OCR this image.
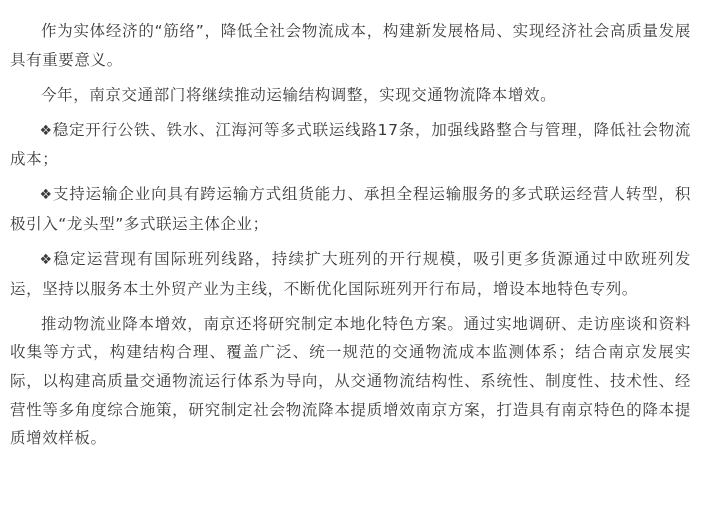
作为实体经济的“筋络”，降低全社会物流成本，构建新发展格局、实现经济社会高质量发展具有重要意义。

今年，南京交通部门将继续推动运输结构调整，实现交通物流降本增效。

❖稳定开行公铁、铁水、江海河等多式联运线路17条，加强线路整合与管理，降低社会物流成本；

❖支持运输企业向具有跨运输方式组货能力、承担全程运输服务的多式联运经营人转型，积极引入“龙头型”多式联运主体企业；

❖稳定运营现有国际班列线路，持续扩大班列的开行规模，吸引更多货源通过中欧班列发运，坚持以服务本土外贸产业为主线，不断优化国际班列开行布局，增设本地特色专列。

推动物流业降本增效，南京还将研究制定本地化特色方案。通过实地调研、走访座谈和资料收集等方式，构建结构合理、覆盖广泛、统一规范的交通物流成本监测体系；结合南京发展实际，以构建高质量交通物流运行体系为导向，从交通物流结构性、系统性、制度性、技术性、经营性等多角度综合施策，研究制定社会物流降本提质增效南京方案，打造具有南京特色的降本提质增效样板。
